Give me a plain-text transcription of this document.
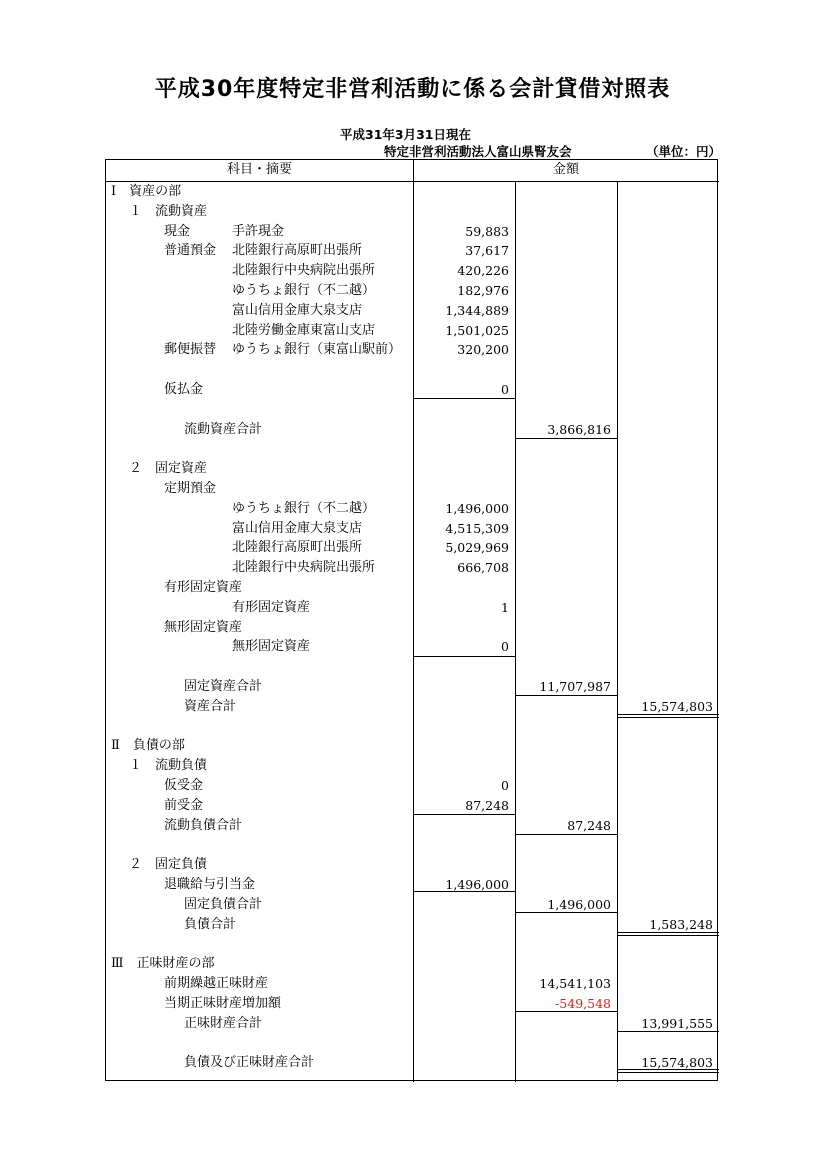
平成30年度特定非営利活動に係る会計貸借対照表
平成31年3月31日現在
特定非営利活動法人富山県腎友会	（単位：円）
科目・摘要	金額
Ⅰ　資産の部
１　流動資産
現金	手許現金	59,883
普通預金 北陸銀行高原町出張所	37,617
北陸銀行中央病院出張所	420,226
ゆうちょ銀行（不二越）	182,976
富山信用金庫大泉支店	1,344,889
北陸労働金庫東富山支店	1,501,025
郵便振替 ゆうちょ銀行（東富山駅前）	320,200
仮払金	0
流動資産合計	3,866,816
２　固定資産
定期預金
ゆうちょ銀行（不二越）	1,496,000
富山信用金庫大泉支店	4,515,309
北陸銀行高原町出張所	5,029,969
北陸銀行中央病院出張所	666,708
有形固定資産
有形固定資産	1
無形固定資産
無形固定資産	0
固定資産合計	11,707,987
資産合計	15,574,803
Ⅱ　負債の部
１　流動負債
仮受金	0
前受金	87,248
流動負債合計	87,248
２　固定負債
退職給与引当金	1,496,000
固定負債合計	1,496,000
負債合計	1,583,248
Ⅲ　正味財産の部
前期繰越正味財産	14,541,103
当期正味財産増加額	-549,548
正味財産合計	13,991,555
負債及び正味財産合計	15,574,803
